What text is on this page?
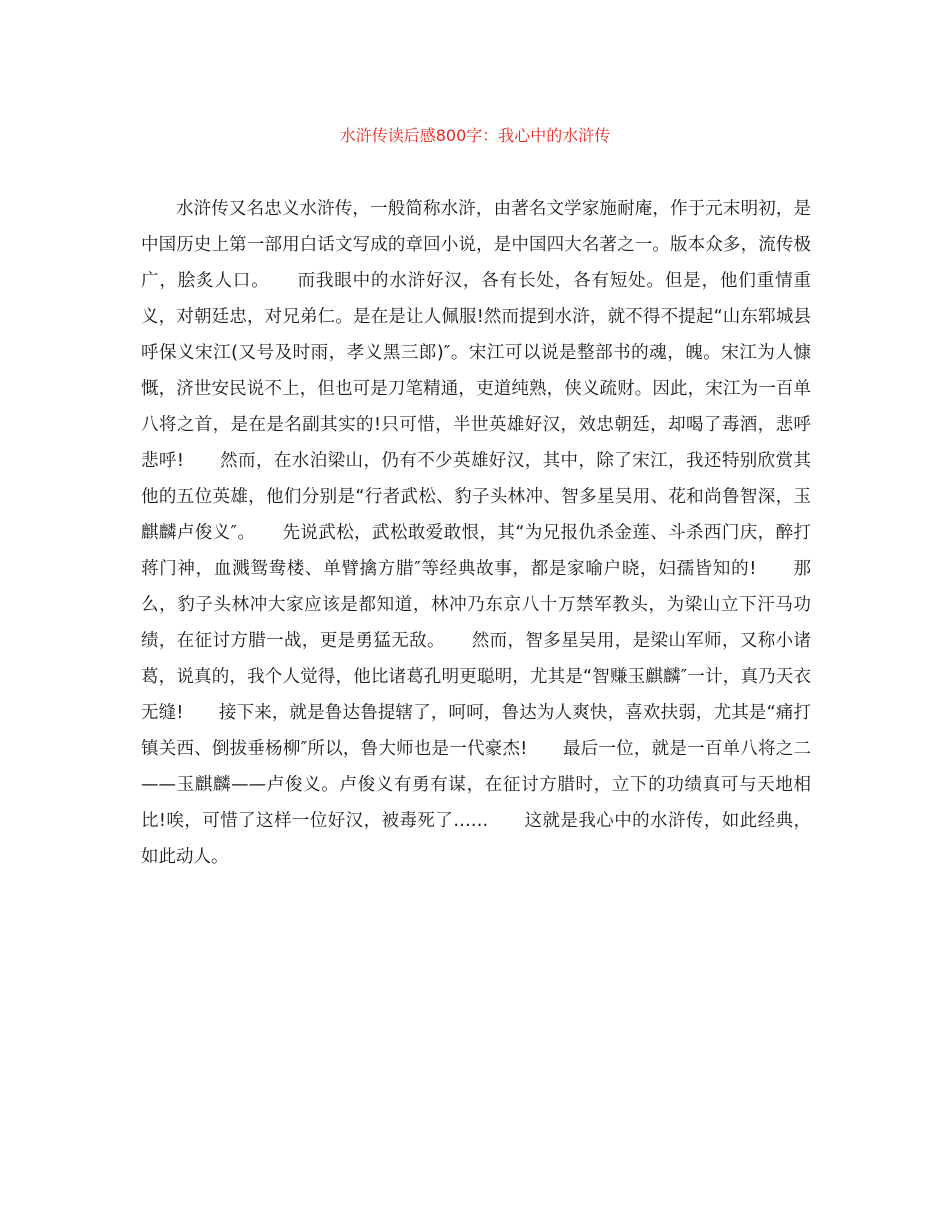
水浒传读后感800字：我心中的水浒传

水浒传又名忠义水浒传，一般简称水浒，由著名文学家施耐庵，作于元末明初，是中国历史上第一部用白话文写成的章回小说，是中国四大名著之一。版本众多，流传极广，脍炙人口。　　而我眼中的水浒好汉，各有长处，各有短处。但是，他们重情重义，对朝廷忠，对兄弟仁。是在是让人佩服!然而提到水浒，就不得不提起“山东郓城县呼保义宋江(又号及时雨，孝义黑三郎)″。宋江可以说是整部书的魂，魄。宋江为人慷慨，济世安民说不上，但也可是刀笔精通，吏道纯熟，侠义疏财。因此，宋江为一百单八将之首，是在是名副其实的!只可惜，半世英雄好汉，效忠朝廷，却喝了毒酒，悲呼悲呼!　　然而，在水泊梁山，仍有不少英雄好汉，其中，除了宋江，我还特别欣赏其他的五位英雄，他们分别是“行者武松、豹子头林冲、智多星吴用、花和尚鲁智深，玉麒麟卢俊义″。　　先说武松，武松敢爱敢恨，其“为兄报仇杀金莲、斗杀西门庆，醉打蒋门神，血溅鸳鸯楼、单臂擒方腊″等经典故事，都是家喻户晓，妇孺皆知的!　　那么，豹子头林冲大家应该是都知道，林冲乃东京八十万禁军教头，为梁山立下汗马功绩，在征讨方腊一战，更是勇猛无敌。　　然而，智多星吴用，是梁山军师，又称小诸葛，说真的，我个人觉得，他比诸葛孔明更聪明，尤其是“智赚玉麒麟″一计，真乃天衣无缝!　　接下来，就是鲁达鲁提辖了，呵呵，鲁达为人爽快，喜欢扶弱，尤其是“痛打镇关西、倒拔垂杨柳″所以，鲁大师也是一代豪杰!　　最后一位，就是一百单八将之二——玉麒麟——卢俊义。卢俊义有勇有谋，在征讨方腊时，立下的功绩真可与天地相比!唉，可惜了这样一位好汉，被毒死了……　　这就是我心中的水浒传，如此经典，如此动人。
